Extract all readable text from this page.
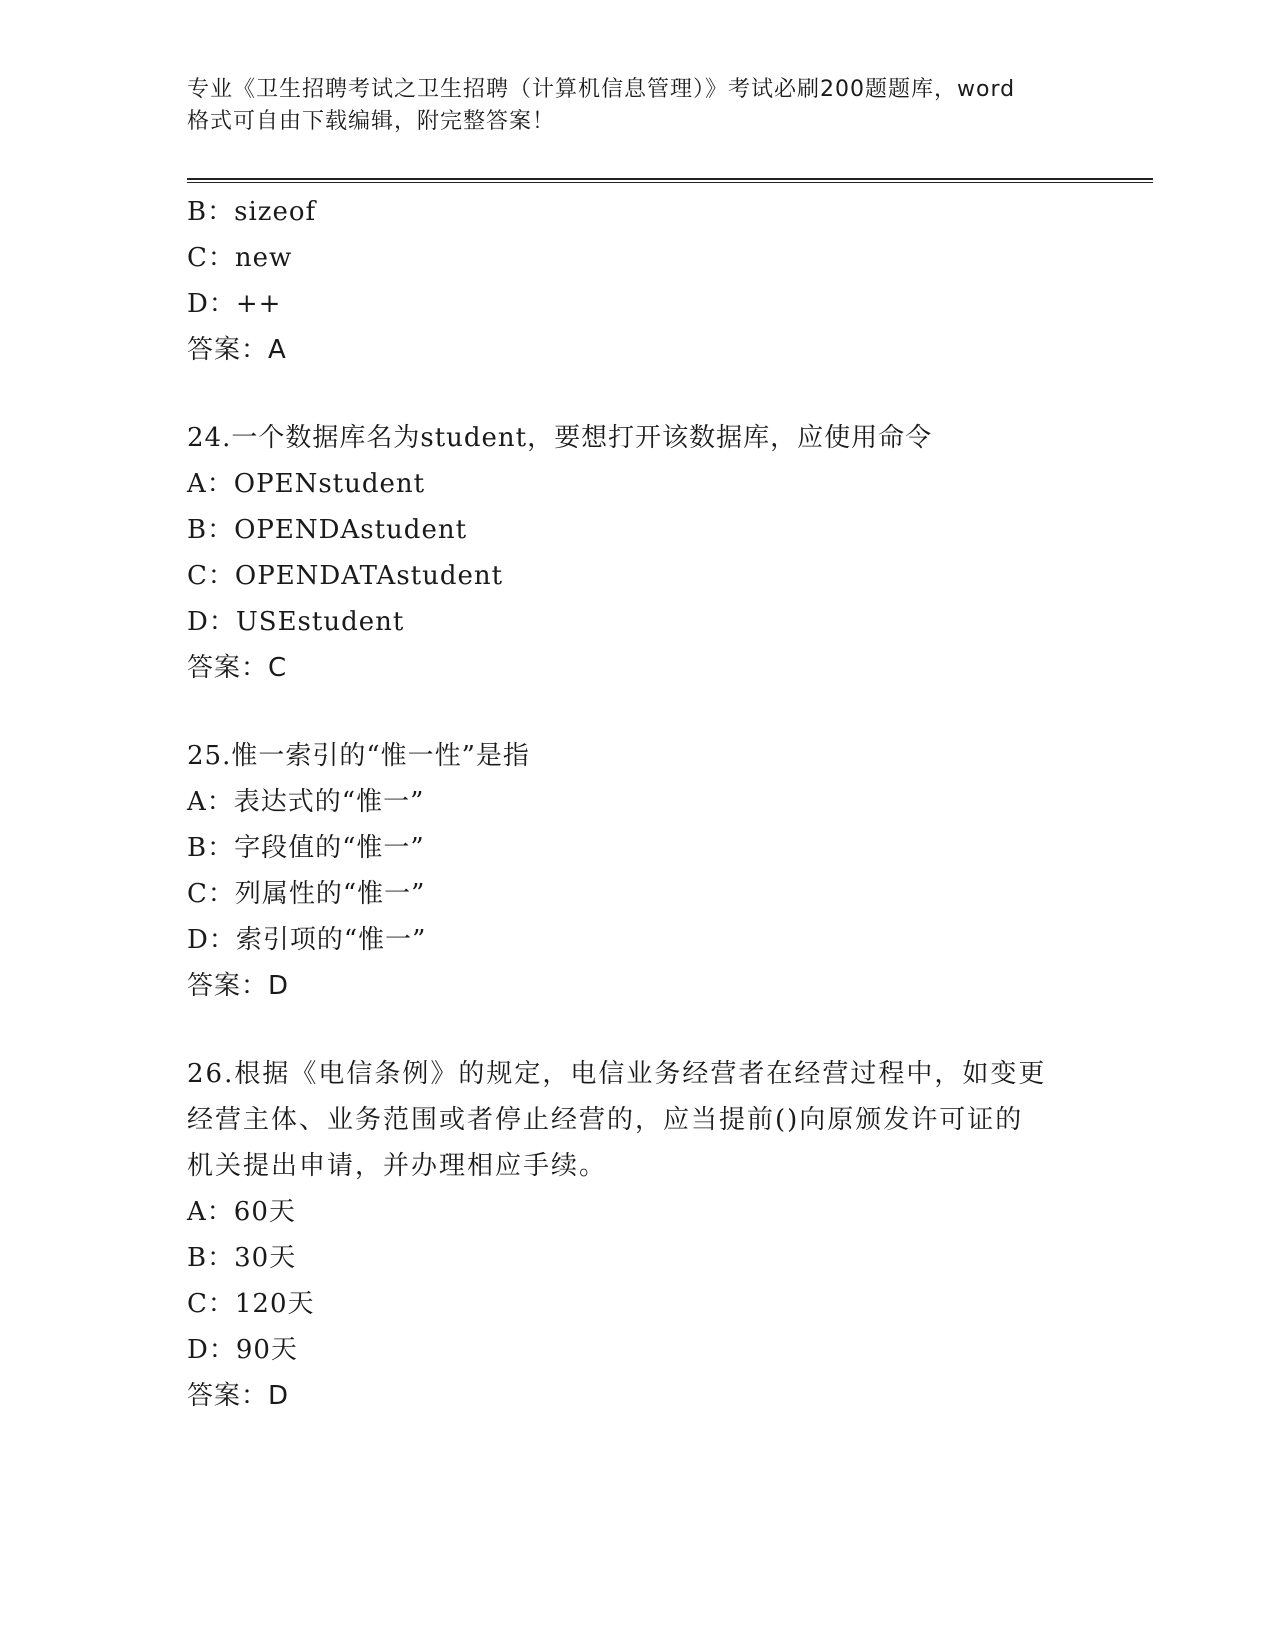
专业《卫生招聘考试之卫生招聘（计算机信息管理）》考试必刷200题题库，word
格式可自由下载编辑，附完整答案！
B：sizeof
C：new
D：++
答案：A
24.一个数据库名为student，要想打开该数据库，应使用命令
A：OPENstudent
B：OPENDAstudent
C：OPENDATAstudent
D：USEstudent
答案：C
25.惟一索引的“惟一性”是指
A：表达式的“惟一”
B：字段值的“惟一”
C：列属性的“惟一”
D：索引项的“惟一”
答案：D
26.根据《电信条例》的规定，电信业务经营者在经营过程中，如变更
经营主体、业务范围或者停止经营的，应当提前()向原颁发许可证的
机关提出申请，并办理相应手续。
A：60天
B：30天
C：120天
D：90天
答案：D
